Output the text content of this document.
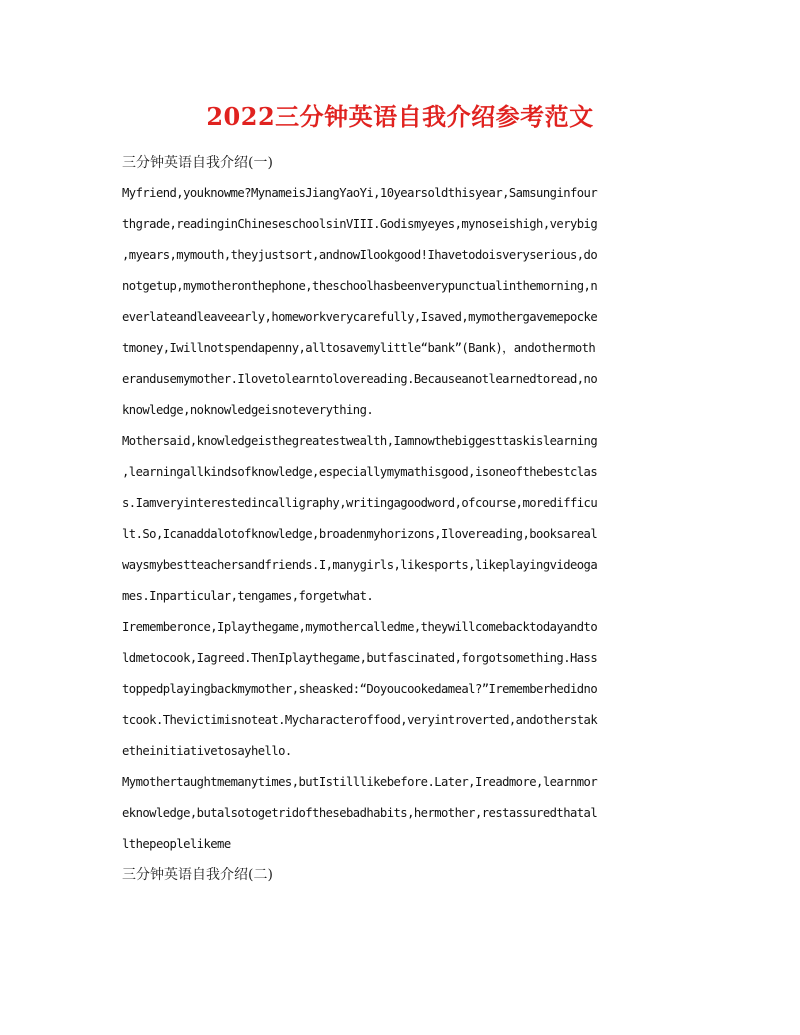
2022三分钟英语自我介绍参考范文
三分钟英语自我介绍(一)
Myfriend,youknowme?MynameisJiangYaoYi,10yearsoldthisyear,Samsunginfour
thgrade,readinginChineseschoolsinVIII.Godismyeyes,mynoseishigh,verybig
,myears,mymouth,theyjustsort,andnowIlookgood!Ihavetodoisveryserious,do
notgetup,mymotheronthephone,theschoolhasbeenverypunctualinthemorning,n
everlateandleaveearly,homeworkverycarefully,Isaved,mymothergavemepocke
tmoney,Iwillnotspendapenny,alltosavemylittle“bank”(Bank)，andothermoth
erandusemymother.Ilovetolearntolovereading.Becauseanotlearnedtoread,no
knowledge,noknowledgeisnoteverything.
Mothersaid,knowledgeisthegreatestwealth,Iamnowthebiggesttaskislearning
,learningallkindsofknowledge,especiallymymathisgood,isoneofthebestclas
s.Iamveryinterestedincalligraphy,writingagoodword,ofcourse,moredifficu
lt.So,Icanaddalotofknowledge,broadenmyhorizons,Ilovereading,booksareal
waysmybestteachersandfriends.I,manygirls,likesports,likeplayingvideoga
mes.Inparticular,tengames,forgetwhat.
Irememberonce,Iplaythegame,mymothercalledme,theywillcomebacktodayandto
ldmetocook,Iagreed.ThenIplaythegame,butfascinated,forgotsomething.Hass
toppedplayingbackmymother,sheasked:“Doyoucookedameal?”Irememberhedidno
tcook.Thevictimisnoteat.Mycharacteroffood,veryintroverted,andotherstak
etheinitiativetosayhello.
Mymothertaughtmemanytimes,butIstilllikebefore.Later,Ireadmore,learnmor
eknowledge,butalsotogetridofthesebadhabits,hermother,restassuredthatal
lthepeoplelikeme
三分钟英语自我介绍(二)
